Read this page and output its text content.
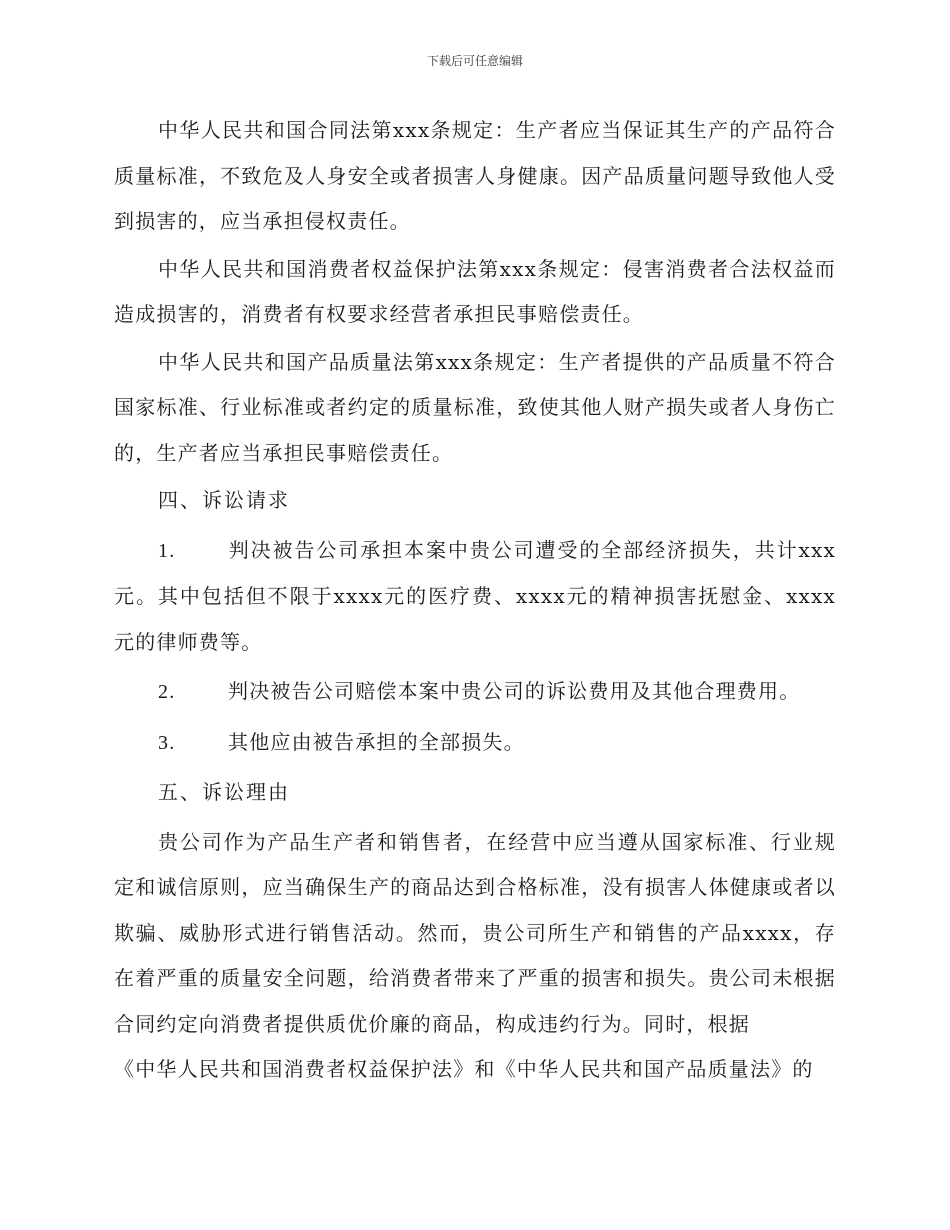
下载后可任意编辑

中华人民共和国合同法第xxx条规定：生产者应当保证其生产的产品符合质量标准，不致危及人身安全或者损害人身健康。因产品质量问题导致他人受到损害的，应当承担侵权责任。

中华人民共和国消费者权益保护法第xxx条规定：侵害消费者合法权益而造成损害的，消费者有权要求经营者承担民事赔偿责任。

中华人民共和国产品质量法第xxx条规定：生产者提供的产品质量不符合国家标准、行业标准或者约定的质量标准，致使其他人财产损失或者人身伤亡的，生产者应当承担民事赔偿责任。

四、诉讼请求

1.	判决被告公司承担本案中贵公司遭受的全部经济损失，共计xxx元。其中包括但不限于xxxx元的医疗费、xxxx元的精神损害抚慰金、xxxx元的律师费等。

2.	判决被告公司赔偿本案中贵公司的诉讼费用及其他合理费用。

3.	其他应由被告承担的全部损失。

五、诉讼理由

贵公司作为产品生产者和销售者，在经营中应当遵从国家标准、行业规定和诚信原则，应当确保生产的商品达到合格标准，没有损害人体健康或者以欺骗、威胁形式进行销售活动。然而，贵公司所生产和销售的产品xxxx，存在着严重的质量安全问题，给消费者带来了严重的损害和损失。贵公司未根据合同约定向消费者提供质优价廉的商品，构成违约行为。同时，根据

《中华人民共和国消费者权益保护法》和《中华人民共和国产品质量法》的
